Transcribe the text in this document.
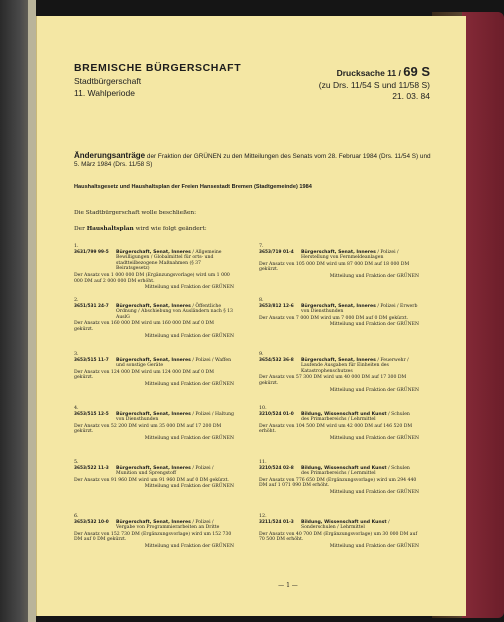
BREMISCHE BÜRGERSCHAFT
Stadtbürgerschaft
11. Wahlperiode
Drucksache 11 / 69 S
(zu Drs. 11/54 S und 11/58 S)
21. 03. 84
Änderungsanträge der Fraktion der GRÜNEN zu den Mitteilungen des Senats vom 28. Februar 1984 (Drs. 11/54 S) und 5. März 1984 (Drs. 11/58 S)
Haushaltsgesetz und Haushaltsplan der Freien Hansestadt Bremen (Stadtgemeinde) 1984
Die Stadtbürgerschaft wolle beschließen:
Der Haushaltsplan wird wie folgt geändert:
1.
3631/799 99-5	Bürgerschaft, Senat, Inneres / Allgemeine Bewilligungen / Globalmittel für orts- und stadtteilbezogene Maßnahmen (§ 37 Beiratsgesetz)
Der Ansatz von 1 000 000 DM (Ergänzungsvorlage) wird um 1 000 000 DM auf 2 000 000 DM erhöht.
Mitteilung und Fraktion der GRÜNEN
2.
3651/531 24-7	Bürgerschaft, Senat, Inneres / Öffentliche Ordnung / Abschiebung von Ausländern nach § 13 AuslG
Der Ansatz von 160 000 DM wird um 160 000 DM auf 0 DM gekürzt.
Mitteilung und Fraktion der GRÜNEN
3.
3653/515 11-7	Bürgerschaft, Senat, Inneres / Polizei / Waffen und sonstige Geräte
Der Ansatz von 124 000 DM wird um 124 000 DM auf 0 DM gekürzt.
Mitteilung und Fraktion der GRÜNEN
4.
3653/515 12-5	Bürgerschaft, Senat, Inneres / Polizei / Haltung von Diensthunden
Der Ansatz von 52 200 DM wird um 35 000 DM auf 17 200 DM gekürzt.
Mitteilung und Fraktion der GRÜNEN
5.
3653/522 11-3	Bürgerschaft, Senat, Inneres / Polizei / Munition und Sprengstoff
Der Ansatz von 91 960 DM wird um 91 960 DM auf 0 DM gekürzt.
Mitteilung und Fraktion der GRÜNEN
6.
3653/532 10-0	Bürgerschaft, Senat, Inneres / Polizei / Vergabe von Programmierarbeiten an Dritte
Der Ansatz von 152 730 DM (Ergänzungsvorlage) wird um 152 730 DM auf 0 DM gekürzt.
Mitteilung und Fraktion der GRÜNEN
7.
3653/719 01-4	Bürgerschaft, Senat, Inneres / Polizei / Herstellung von Fernmeldeanlagen
Der Ansatz von 105 000 DM wird um 87 000 DM auf 18 000 DM gekürzt.
Mitteilung und Fraktion der GRÜNEN
8.
3653/812 12-6	Bürgerschaft, Senat, Inneres / Polizei / Erwerb von Diensthunden
Der Ansatz von 7 000 DM wird um 7 000 DM auf 0 DM gekürzt.
Mitteilung und Fraktion der GRÜNEN
9.
3654/532 36-8	Bürgerschaft, Senat, Inneres / Feuerwehr / Laufende Ausgaben für Einheiten des Katastrophenschutzes
Der Ansatz von 57 300 DM wird um 40 000 DM auf 17 300 DM gekürzt.
Mitteilung und Fraktion der GRÜNEN
10.
3210/524 01-0	Bildung, Wissenschaft und Kunst / Schulen des Primarbereichs / Lehrmittel
Der Ansatz von 104 500 DM wird um 42 000 DM auf 146 520 DM erhöht.
Mitteilung und Fraktion der GRÜNEN
11.
3210/524 02-8	Bildung, Wissenschaft und Kunst / Schulen des Primarbereichs / Lernmittel
Der Ansatz von 776 650 DM (Ergänzungsvorlage) wird um 294 440 DM auf 1 071 090 DM erhöht.
Mitteilung und Fraktion der GRÜNEN
12.
3211/524 01-3	Bildung, Wissenschaft und Kunst / Sonderschulen / Lehrmittel
Der Ansatz von 40 700 DM (Ergänzungsvorlage) um 30 000 DM auf 70 500 DM erhöht.
Mitteilung und Fraktion der GRÜNEN
— 1 —
